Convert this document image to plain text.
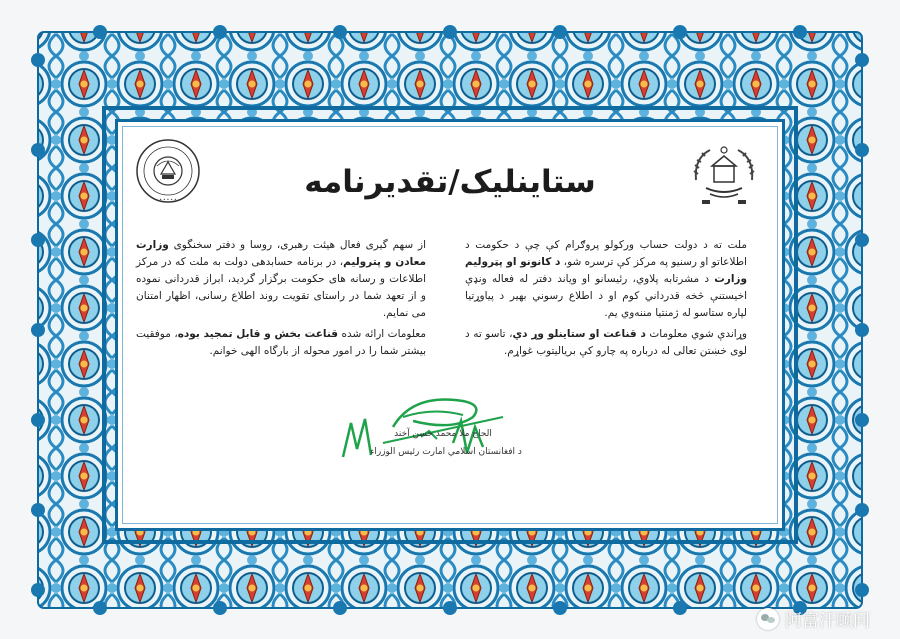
• • • • •	ستاینلیک/تقدیرنامه

ملت ته د دولت حساب ورکولو پروګرام کې چې د حکومت د اطلاعاتو او رسنیو په مرکز کې ترسره شو، د کانونو او پټرولیم وزارت د مشرتابه پلاوي، رئیسانو او ویاند دفتر له فعاله ونډې اخیستنې څخه قدرداني کوم او د اطلاع رسوني بهیر د پیاوړتیا لپاره ستاسو له ژمنتیا مننه‌وي یم.

وړاندې شوي معلومات د قناعت او ستاینلو وړ دي، تاسو ته د لوی خښتن تعالی له درباره په چارو کې بریالیتوب غواړم.

از سهم گیری فعال هیئت رهبری، روسا و دفتر سخنگوی وزارت معادن و پترولیم، در برنامه حسابدهی دولت به ملت که در مرکز اطلاعات و رسانه های حکومت برگزار گردید، ابراز قدردانی نموده و از تعهد شما در راستای تقویت روند اطلاع رسانی، اظهار امتنان می نمایم.

معلومات ارائه شده قناعت بخش و قابل تمجید بوده، موفقیت بیشتر شما را در امور محوله از بارگاه الهی خوانم.

الحاج ملا محمد حسن آخند
د افغانستان اسلامي امارت رئیس الوزراء
阿富汗顾问
